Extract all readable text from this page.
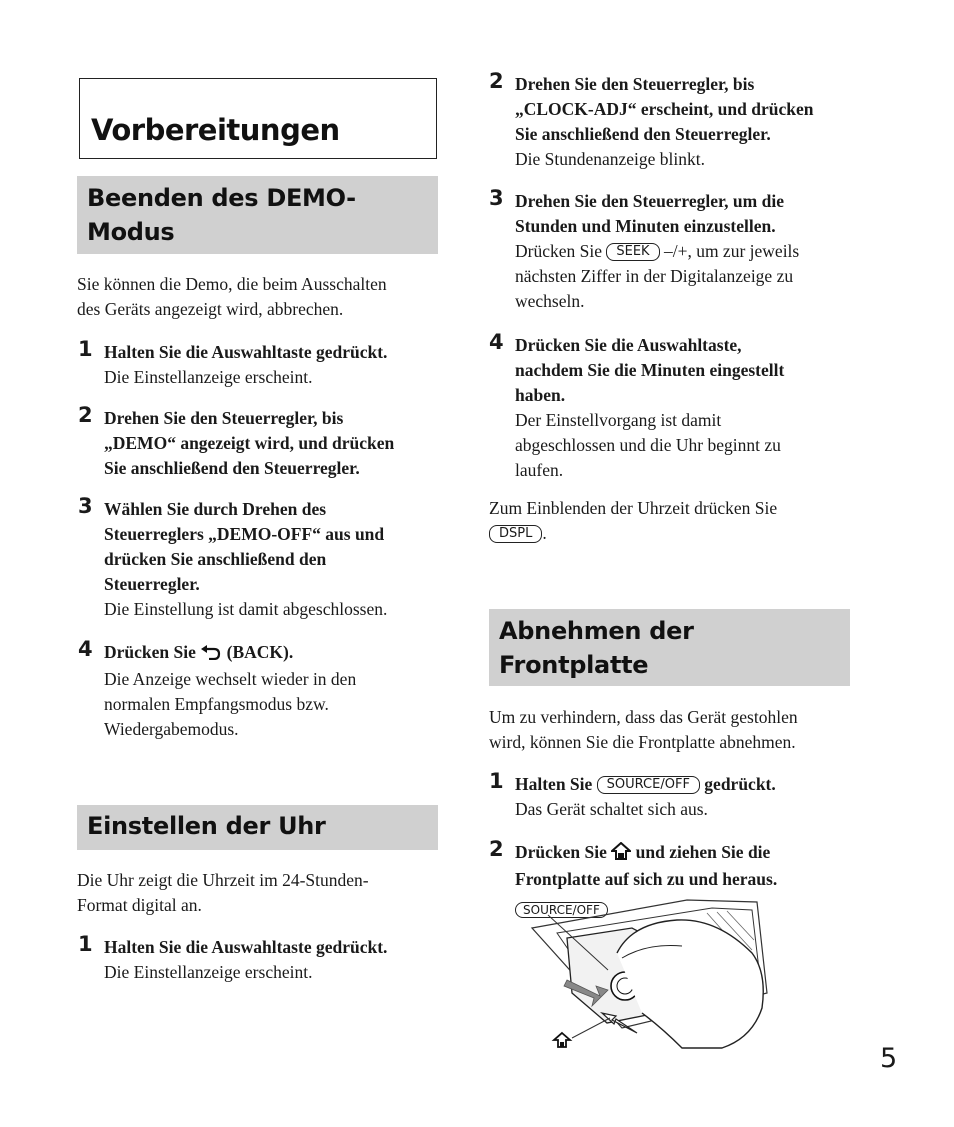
Vorbereitungen
Beenden des DEMO-
Modus
Sie können die Demo, die beim Ausschalten
des Geräts angezeigt wird, abbrechen.
1 Halten Sie die Auswahltaste gedrückt.
Die Einstellanzeige erscheint.
2 Drehen Sie den Steuerregler, bis
„DEMO“ angezeigt wird, und drücken
Sie anschließend den Steuerregler.
3 Wählen Sie durch Drehen des
Steuerreglers „DEMO-OFF“ aus und
drücken Sie anschließend den
Steuerregler.
Die Einstellung ist damit abgeschlossen.
4 Drücken Sie (BACK).
Die Anzeige wechselt wieder in den
normalen Empfangsmodus bzw.
Wiedergabemodus.
Einstellen der Uhr
Die Uhr zeigt die Uhrzeit im 24-Stunden-
Format digital an.
1 Halten Sie die Auswahltaste gedrückt.
Die Einstellanzeige erscheint.
2 Drehen Sie den Steuerregler, bis
„CLOCK-ADJ“ erscheint, und drücken
Sie anschließend den Steuerregler.
Die Stundenanzeige blinkt.
3 Drehen Sie den Steuerregler, um die
Stunden und Minuten einzustellen.
Drücken Sie SEEK –/+, um zur jeweils
nächsten Ziffer in der Digitalanzeige zu
wechseln.
4 Drücken Sie die Auswahltaste,
nachdem Sie die Minuten eingestellt
haben.
Der Einstellvorgang ist damit
abgeschlossen und die Uhr beginnt zu
laufen.
Zum Einblenden der Uhrzeit drücken Sie
DSPL .
Abnehmen der
Frontplatte
Um zu verhindern, dass das Gerät gestohlen
wird, können Sie die Frontplatte abnehmen.
1 Halten Sie SOURCE/OFF gedrückt.
Das Gerät schaltet sich aus.
2 Drücken Sie und ziehen Sie die
Frontplatte auf sich zu und heraus.
SOURCE/OFF
5
